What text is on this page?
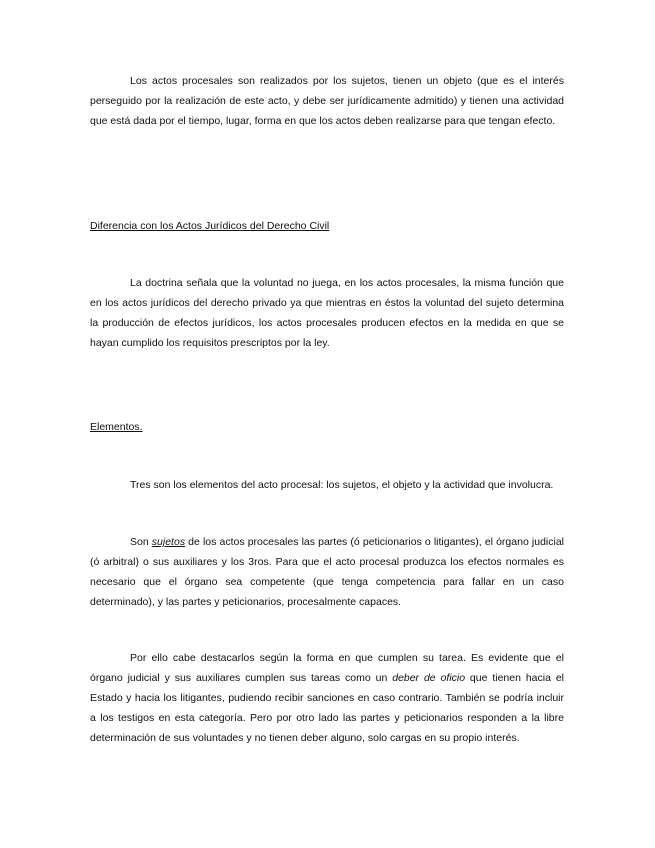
Los actos procesales son realizados por los sujetos, tienen un objeto (que es el interés perseguido por la realización de este acto, y debe ser jurídicamente admitido) y tienen una actividad que está dada por el tiempo, lugar, forma en que los actos deben realizarse para que tengan efecto.

Diferencia con los Actos Jurídicos del Derecho Civil

La doctrina señala que la voluntad no juega, en los actos procesales, la misma función que en los actos jurídicos del derecho privado ya que mientras en éstos la voluntad del sujeto determina la producción de efectos jurídicos, los actos procesales producen efectos en la medida en que se hayan cumplido los requisitos prescriptos por la ley.

Elementos.

Tres son los elementos del acto procesal: los sujetos, el objeto y la actividad que involucra.

Son sujetos de los actos procesales las partes (ó peticionarios o litigantes), el órgano judicial (ó arbitral) o sus auxiliares y los 3ros. Para que el acto procesal produzca los efectos normales es necesario que el órgano sea competente (que tenga competencia para fallar en un caso determinado), y las partes y peticionarios, procesalmente capaces.

Por ello cabe destacarlos según la forma en que cumplen su tarea. Es evidente que el órgano judicial y sus auxiliares cumplen sus tareas como un deber de oficio que tienen hacia el Estado y hacia los litigantes, pudiendo recibir sanciones en caso contrario. También se podría incluir a los testigos en esta categoría. Pero por otro lado las partes y peticionarios responden a la libre determinación de sus voluntades y no tienen deber alguno, solo cargas en su propio interés.
